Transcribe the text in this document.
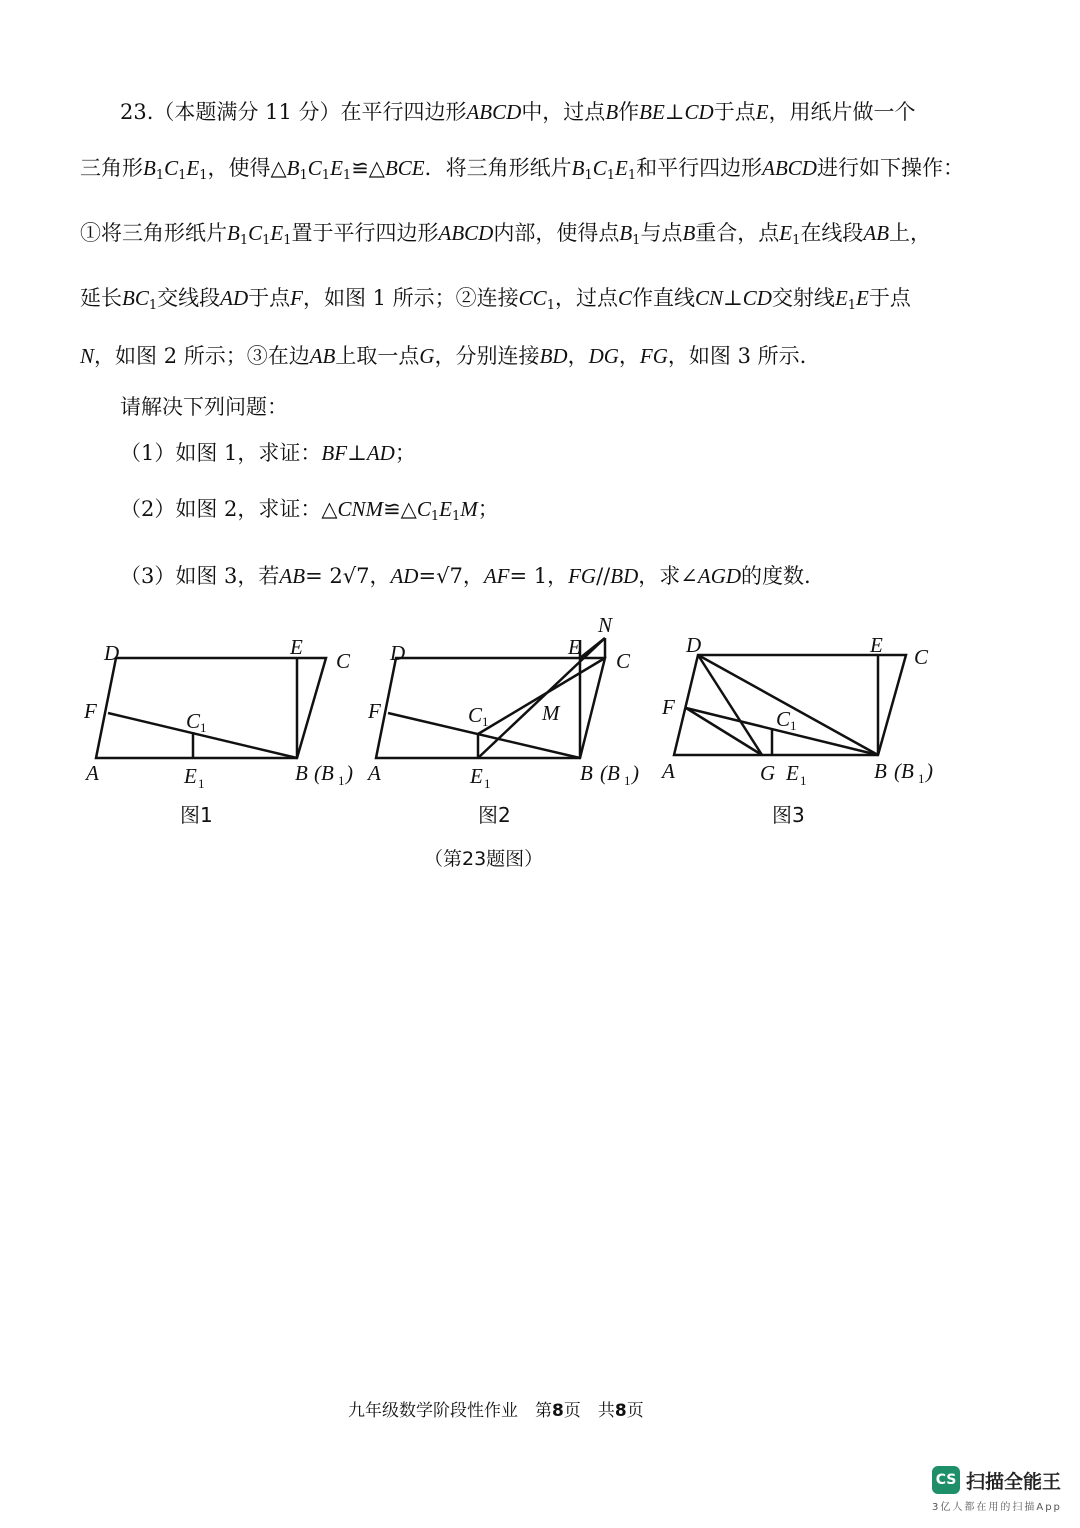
23.（本题满分 11 分）在平行四边形ABCD中，过点B作BE⊥CD于点E，用纸片做一个
三角形$B_1C_1E_1$，使得$\triangle B_1C_1E_1≌\triangle BCE$．将三角形纸片$B_1C_1E_1$和平行四边形ABCD进行如下操作：
①将三角形纸片$B_1C_1E_1$置于平行四边形ABCD内部，使得点$B_1$与点B重合，点$E_1$在线段AB上，
延长$BC_1$交线段AD于点F，如图 1 所示；②连接$CC_1$，过点C作直线CN⊥CD交射线$E_1E$于点
N，如图 2 所示；③在边AB上取一点G，分别连接BD，DG，FG，如图 3 所示.
请解决下列问题：
（1）如图 1，求证：BF⊥AD；
（2）如图 2，求证：$\triangle CNM≌\triangle C_1E_1M$；
（3）如图 3，若AB= 2√7，AD=√7，AF= 1，FG//BD，求∠AGD的度数.
D	E
C
F	C 1
A	E 1	B (B 1 )
图1
D	E
N
C
F	C 1	M
A	E 1	B (B 1 )
图2
D	E C
F	C 1
A	G E 1	B (B 1 )
图3
（第23题图）
九年级数学阶段性作业　第8页　共8页
CS 扫描全能王
3亿人都在用的扫描App
